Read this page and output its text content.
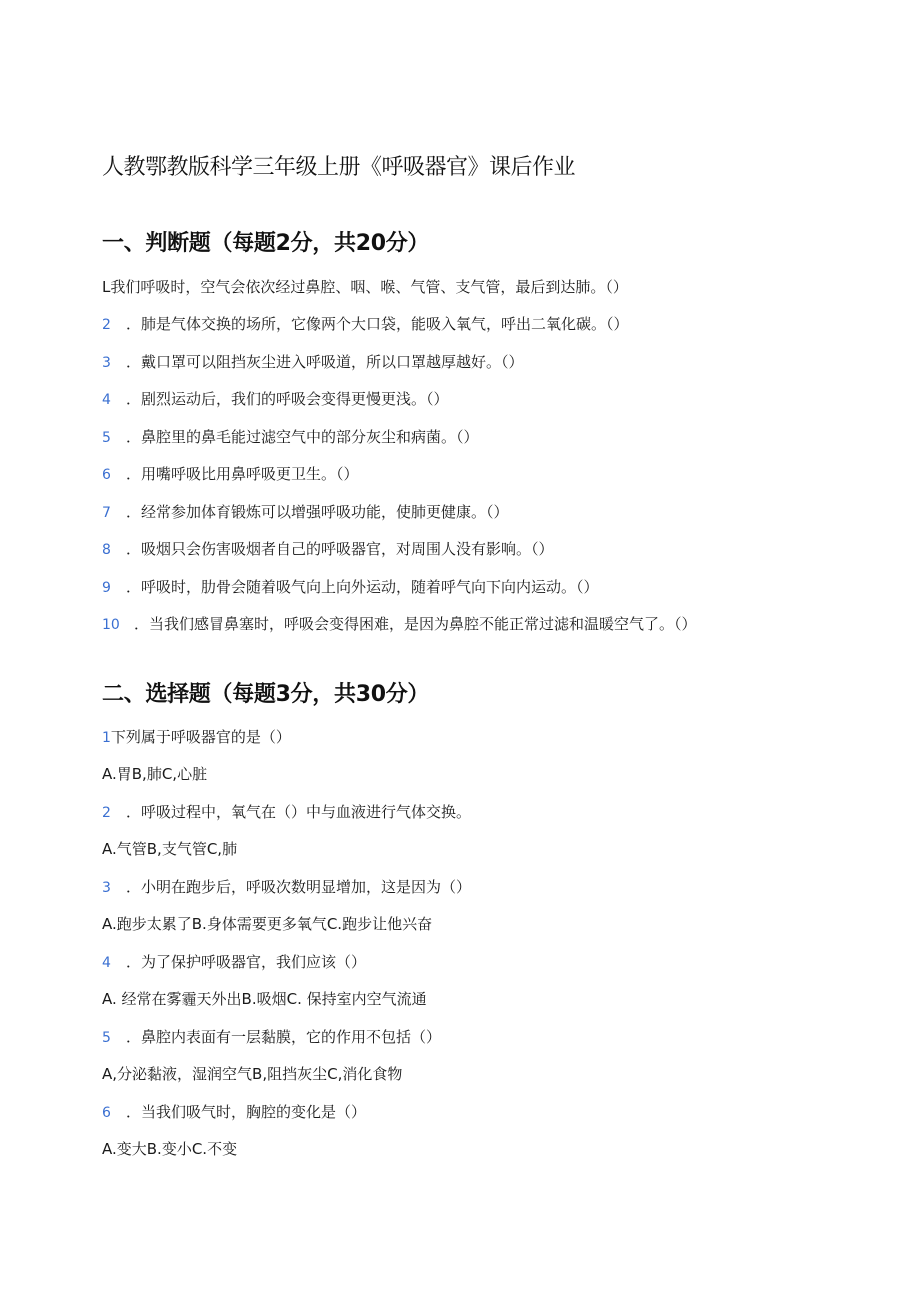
人教鄂教版科学三年级上册《呼吸器官》课后作业
一、判断题（每题2分，共20分）
L我们呼吸时，空气会依次经过鼻腔、咽、喉、气管、支气管，最后到达肺。（）
2 ．肺是气体交换的场所，它像两个大口袋，能吸入氧气，呼出二氧化碳。（）
3 ．戴口罩可以阻挡灰尘进入呼吸道，所以口罩越厚越好。（）
4 ．剧烈运动后，我们的呼吸会变得更慢更浅。（）
5 ．鼻腔里的鼻毛能过滤空气中的部分灰尘和病菌。（）
6 ．用嘴呼吸比用鼻呼吸更卫生。（）
7 ．经常参加体育锻炼可以增强呼吸功能，使肺更健康。（）
8 ．吸烟只会伤害吸烟者自己的呼吸器官，对周围人没有影响。（）
9 ．呼吸时，肋骨会随着吸气向上向外运动，随着呼气向下向内运动。（）
10 ．当我们感冒鼻塞时，呼吸会变得困难，是因为鼻腔不能正常过滤和温暖空气了。（）
二、选择题（每题3分，共30分）
1下列属于呼吸器官的是（）
A.胃B,肺C,心脏
2 ．呼吸过程中，氧气在（）中与血液进行气体交换。
A.气管B,支气管C,肺
3 ．小明在跑步后，呼吸次数明显增加，这是因为（）
A.跑步太累了B.身体需要更多氧气C.跑步让他兴奋
4 ．为了保护呼吸器官，我们应该（）
A. 经常在雾霾天外出B.吸烟C. 保持室内空气流通
5 ．鼻腔内表面有一层黏膜，它的作用不包括（）
A,分泌黏液，湿润空气B,阻挡灰尘C,消化食物
6 ．当我们吸气时，胸腔的变化是（）
A.变大B.变小C.不变
